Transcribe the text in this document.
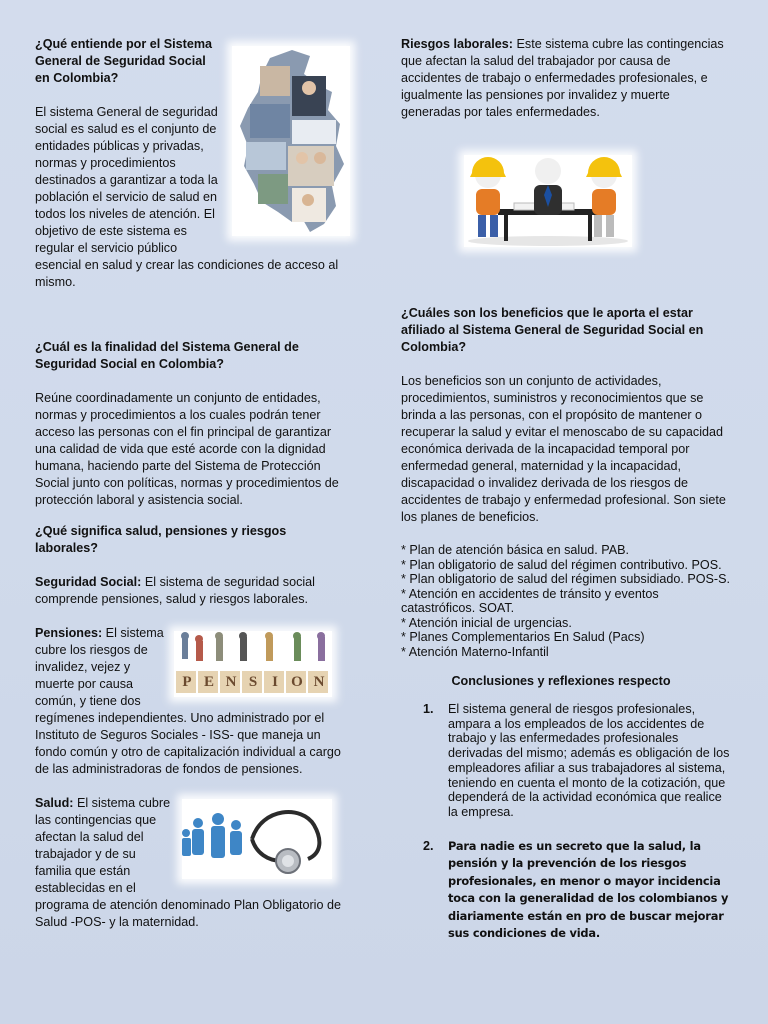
¿Qué entiende por el Sistema General de Seguridad Social en Colombia?

El sistema General de seguridad social es salud es el conjunto de entidades públicas y privadas, normas y procedimientos destinados a garantizar a toda la población el servicio de salud en todos los niveles de atención. El objetivo de este sistema es regular el servicio público esencial en salud y crear las condiciones de acceso al mismo.

¿Cuál es la finalidad del Sistema General de Seguridad Social en Colombia?

Reúne coordinadamente un conjunto de entidades, normas y procedimientos a los cuales podrán tener acceso las personas con el fin principal de garantizar una calidad de vida que esté acorde con la dignidad humana, haciendo parte del Sistema de Protección Social junto con políticas, normas y procedimientos de protección laboral y asistencia social.

¿Qué significa salud, pensiones y riesgos laborales?

Seguridad Social: El sistema de seguridad social comprende pensiones, salud y riesgos laborales.

P E N S I O N

Pensiones: El sistema cubre los riesgos de invalidez, vejez y muerte por causa común, y tiene dos regímenes independientes. Uno administrado por el Instituto de Seguros Sociales - ISS- que maneja un fondo común y otro de capitalización individual a cargo de las administradoras de fondos de pensiones.

Salud: El sistema cubre las contingencias que afectan la salud del trabajador y de su familia que están establecidas en el programa de atención denominado Plan Obligatorio de Salud -POS- y la maternidad.

Riesgos laborales: Este sistema cubre las contingencias que afectan la salud del trabajador por causa de accidentes de trabajo o enfermedades profesionales, e igualmente las pensiones por invalidez y muerte generadas por tales enfermedades.

¿Cuáles son los beneficios que le aporta el estar afiliado al Sistema General de Seguridad Social en Colombia?

Los beneficios son un conjunto de actividades, procedimientos, suministros y reconocimientos que se brinda a las personas, con el propósito de mantener o recuperar la salud y evitar el menoscabo de su capacidad económica derivada de la incapacidad temporal por enfermedad general, maternidad y la incapacidad, discapacidad o invalidez derivada de los riesgos de accidentes de trabajo y enfermedad profesional. Son siete los planes de beneficios.

* Plan de atención básica en salud. PAB.
* Plan obligatorio de salud del régimen contributivo. POS.
* Plan obligatorio de salud del régimen subsidiado. POS-S.
* Atención en accidentes de tránsito y eventos catastróficos. SOAT.
* Atención inicial de urgencias.
* Planes Complementarios En Salud (Pacs)
* Atención Materno-Infantil
Conclusiones y reflexiones respecto
1. El sistema general de riesgos profesionales, ampara a los empleados de los accidentes de trabajo y las enfermedades profesionales derivadas del mismo; además es obligación de los empleadores afiliar a sus trabajadores al sistema, teniendo en cuenta el monto de la cotización, que dependerá de la actividad económica que realice la empresa.
2. Para nadie es un secreto que la salud, la pensión y la prevención de los riesgos profesionales, en menor o mayor incidencia toca con la generalidad de los colombianos y diariamente están en pro de buscar mejorar sus condiciones de vida.
